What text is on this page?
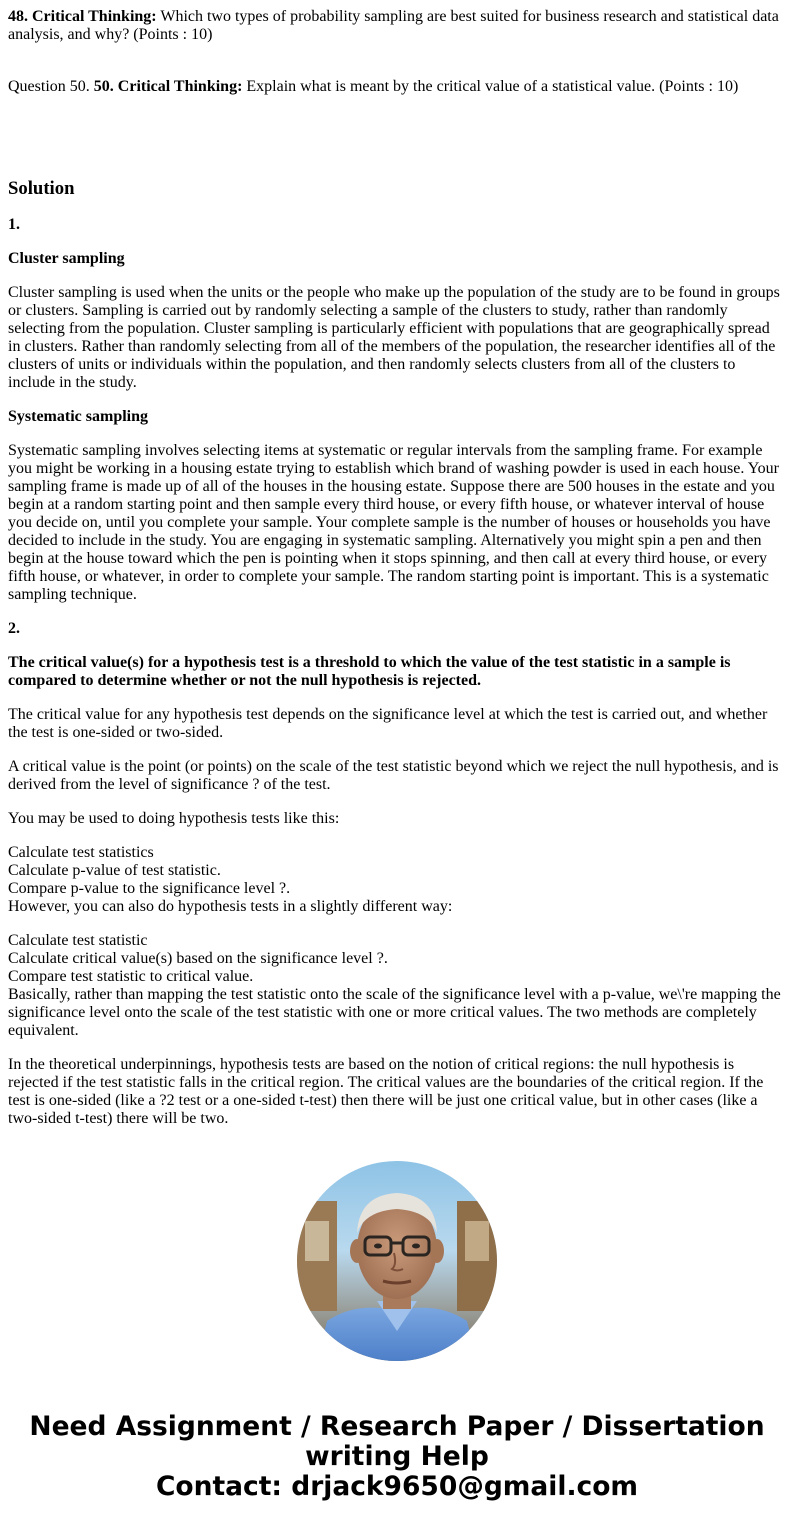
48. Critical Thinking: Which two types of probability sampling are best suited for business research and statistical data analysis, and why? (Points : 10)

Question 50. 50. Critical Thinking: Explain what is meant by the critical value of a statistical value. (Points : 10)

Solution

1.

Cluster sampling

Cluster sampling is used when the units or the people who make up the population of the study are to be found in groups or clusters. Sampling is carried out by randomly selecting a sample of the clusters to study, rather than randomly selecting from the population. Cluster sampling is particularly efficient with populations that are geographically spread in clusters. Rather than randomly selecting from all of the members of the population, the researcher identifies all of the clusters of units or individuals within the population, and then randomly selects clusters from all of the clusters to include in the study.

Systematic sampling

Systematic sampling involves selecting items at systematic or regular intervals from the sampling frame. For example you might be working in a housing estate trying to establish which brand of washing powder is used in each house. Your sampling frame is made up of all of the houses in the housing estate. Suppose there are 500 houses in the estate and you begin at a random starting point and then sample every third house, or every fifth house, or whatever interval of house you decide on, until you complete your sample. Your complete sample is the number of houses or households you have decided to include in the study. You are engaging in systematic sampling. Alternatively you might spin a pen and then begin at the house toward which the pen is pointing when it stops spinning, and then call at every third house, or every fifth house, or whatever, in order to complete your sample. The random starting point is important. This is a systematic sampling technique.

2.

The critical value(s) for a hypothesis test is a threshold to which the value of the test statistic in a sample is compared to determine whether or not the null hypothesis is rejected.

The critical value for any hypothesis test depends on the significance level at which the test is carried out, and whether the test is one-sided or two-sided.

A critical value is the point (or points) on the scale of the test statistic beyond which we reject the null hypothesis, and is derived from the level of significance ? of the test.

You may be used to doing hypothesis tests like this:

Calculate test statistics
Calculate p-value of test statistic.
Compare p-value to the significance level ?.
However, you can also do hypothesis tests in a slightly different way:
Calculate test statistic
Calculate critical value(s) based on the significance level ?.
Compare test statistic to critical value.
Basically, rather than mapping the test statistic onto the scale of the significance level with a p-value, we\'re mapping the significance level onto the scale of the test statistic with one or more critical values. The two methods are completely equivalent.

In the theoretical underpinnings, hypothesis tests are based on the notion of critical regions: the null hypothesis is rejected if the test statistic falls in the critical region. The critical values are the boundaries of the critical region. If the test is one-sided (like a ?2 test or a one-sided t-test) then there will be just one critical value, but in other cases (like a two-sided t-test) there will be two.

Need Assignment / Research Paper / Dissertation
writing Help
Contact: drjack9650@gmail.com
